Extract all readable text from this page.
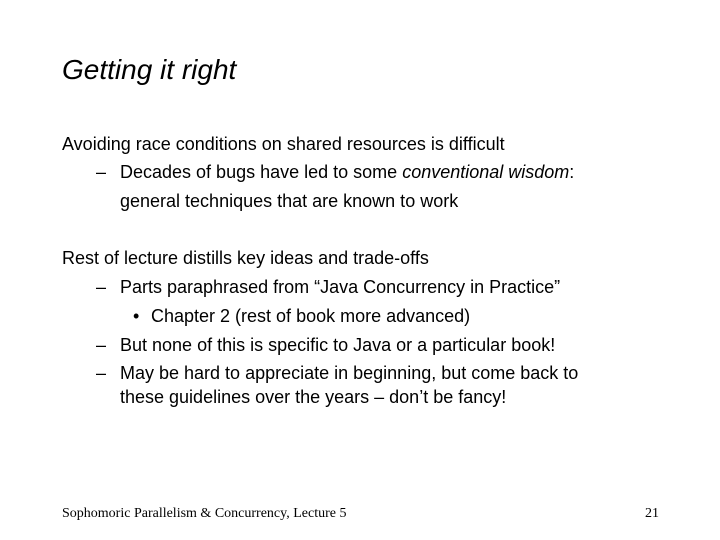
Getting it right
Avoiding race conditions on shared resources is difficult
– Decades of bugs have led to some conventional wisdom:
general techniques that are known to work
Rest of lecture distills key ideas and trade-offs
– Parts paraphrased from “Java Concurrency in Practice”
• Chapter 2 (rest of book more advanced)
– But none of this is specific to Java or a particular book!
– May be hard to appreciate in beginning, but come back to
these guidelines over the years – don’t be fancy!
Sophomoric Parallelism & Concurrency, Lecture 5	21
